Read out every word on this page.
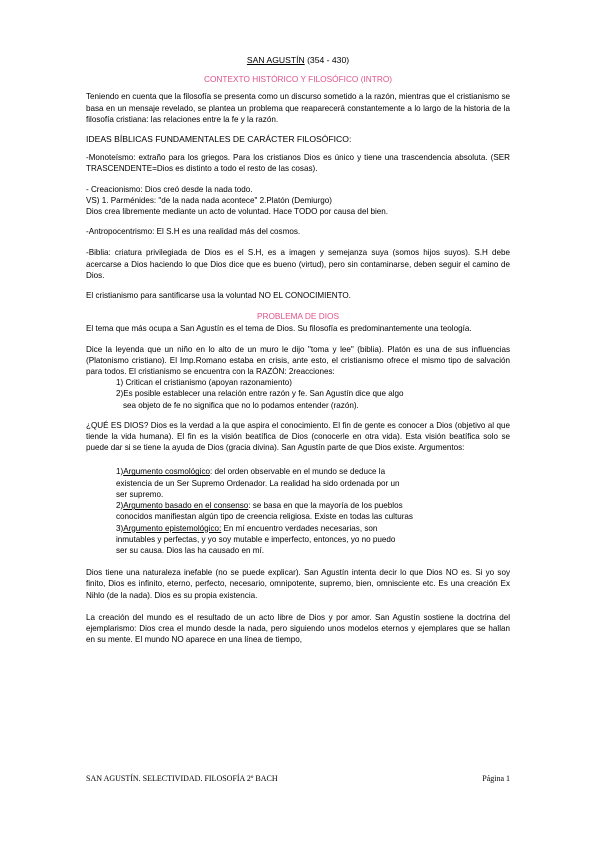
SAN AGUSTÍN (354 - 430)
CONTEXTO HISTÓRICO Y FILOSÓFICO (INTRO)

Teniendo en cuenta que la filosofía se presenta como un discurso sometido a la razón, mientras que el cristianismo se basa en un mensaje revelado, se plantea un problema que reaparecerá constantemente a lo largo de la historia de la filosofía cristiana: las relaciones entre la fe y la razón.

IDEAS BÍBLICAS FUNDAMENTALES DE CARÁCTER FILOSÓFICO:

-Monoteísmo: extraño para los griegos. Para los cristianos Dios es único y tiene una trascendencia absoluta. (SER TRASCENDENTE=Dios es distinto a todo el resto de las cosas).

- Creacionismo: Dios creó desde la nada todo.
VS) 1. Parménides: "de la nada nada acontece" 2.Platón (Demiurgo)
Dios crea libremente mediante un acto de voluntad. Hace TODO por causa del bien.

-Antropocentrismo: El S.H es una realidad más del cosmos.

-Biblia: criatura privilegiada de Dios es el S.H, es a imagen y semejanza suya (somos hijos suyos). S.H debe acercarse a Dios haciendo lo que Dios dice que es bueno (virtud), pero sin contaminarse, deben seguir el camino de Dios.

El cristianismo para santificarse usa la voluntad NO EL CONOCIMIENTO.

PROBLEMA DE DIOS

El tema que más ocupa a San Agustín es el tema de Dios. Su filosofía es predominantemente una teología.

Dice la leyenda que un niño en lo alto de un muro le dijo "toma y lee" (biblia). Platón es una de sus influencias (Platonismo cristiano). El Imp.Romano estaba en crisis, ante esto, el cristianismo ofrece el mismo tipo de salvación para todos. El cristianismo se encuentra con la RAZÓN: 2reacciones:

1) Critican el cristianismo (apoyan razonamiento)
2)Es posible establecer una relación entre razón y fe. San Agustín dice que algo
sea objeto de fe no significa que no lo podamos entender (razón).

¿QUÉ ES DIOS? Dios es la verdad a la que aspira el conocimiento. El fin de gente es conocer a Dios (objetivo al que tiende la vida humana). El fin es la visión beatífica de Dios (conocerle en otra vida). Esta visión beatífica solo se puede dar si se tiene la ayuda de Dios (gracia divina). San Agustín parte de que Dios existe. Argumentos:

1)Argumento cosmológico: del orden observable en el mundo se deduce la
existencia de un Ser Supremo Ordenador. La realidad ha sido ordenada por un
ser supremo.
2)Argumento basado en el consenso: se basa en que la mayoría de los pueblos
conocidos manifiestan algún tipo de creencia religiosa. Existe en todas las culturas
3)Argumento epistemológico: En mí encuentro verdades necesarias, son
inmutables y perfectas, y yo soy mutable e imperfecto, entonces, yo no puedo
ser su causa. Dios las ha causado en mí.

Dios tiene una naturaleza inefable (no se puede explicar). San Agustín intenta decir lo que Dios NO es. Si yo soy finito, Dios es infinito, eterno, perfecto, necesario, omnipotente, supremo, bien, omnisciente etc. Es una creación Ex Nihlo (de la nada). Dios es su propia existencia.

La creación del mundo es el resultado de un acto libre de Dios y por amor. San Agustín sostiene la doctrina del ejemplarismo: Dios crea el mundo desde la nada, pero siguiendo unos modelos eternos y ejemplares que se hallan en su mente. El mundo NO aparece en una línea de tiempo,

SAN AGUSTÍN. SELECTIVIDAD. FILOSOFÍA 2º BACH	Página 1
